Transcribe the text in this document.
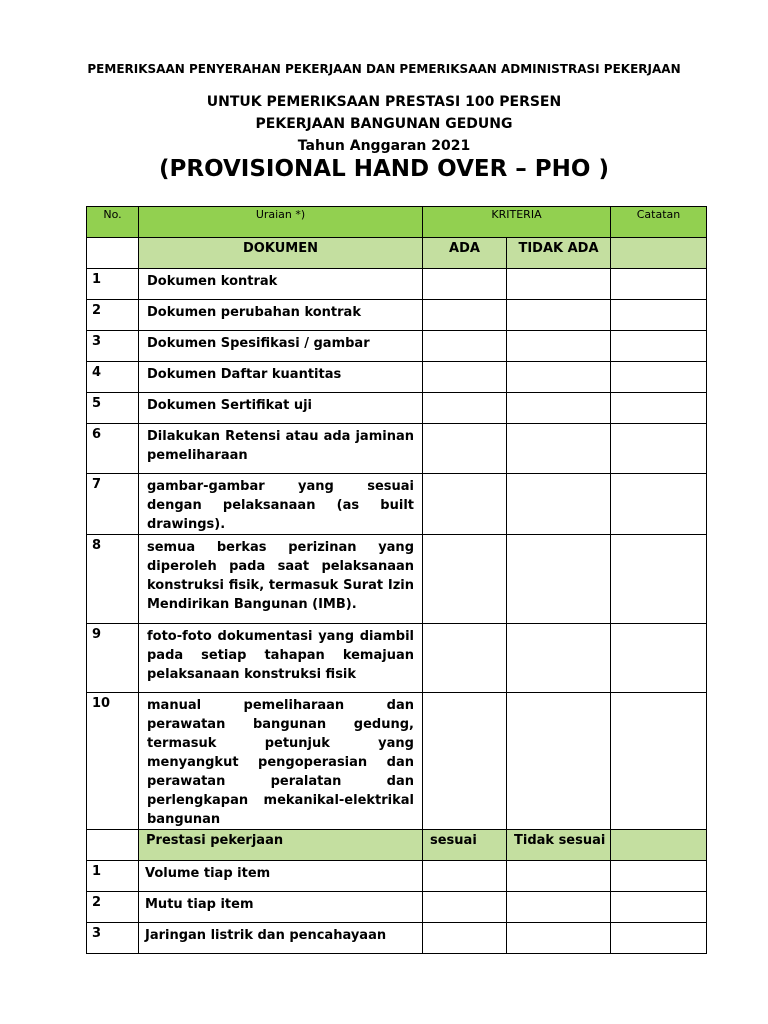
PEMERIKSAAN PENYERAHAN PEKERJAAN DAN PEMERIKSAAN ADMINISTRASI PEKERJAAN
UNTUK PEMERIKSAAN PRESTASI 100 PERSEN
PEKERJAAN BANGUNAN GEDUNG
Tahun Anggaran 2021
(PROVISIONAL HAND OVER – PHO )
No.	Uraian *)	KRITERIA		Catatan
	DOKUMEN	ADA	TIDAK ADA	
1	Dokumen kontrak			
2	Dokumen perubahan kontrak			
3	Dokumen Spesifikasi / gambar			
4	Dokumen Daftar kuantitas			
5	Dokumen Sertifikat uji			
6	Dilakukan Retensi atau ada jaminan pemeliharaan			
7	gambar-gambar yang sesuai dengan pelaksanaan (as built drawings).			
8	semua berkas perizinan yang diperoleh pada saat pelaksanaan konstruksi fisik, termasuk Surat Izin Mendirikan Bangunan (IMB).			
9	foto-foto dokumentasi yang diambil pada setiap tahapan kemajuan pelaksanaan konstruksi fisik			
10	manual pemeliharaan dan perawatan bangunan gedung, termasuk petunjuk yang menyangkut pengoperasian dan perawatan peralatan dan perlengkapan mekanikal-elektrikal bangunan			
	Prestasi pekerjaan	sesuai	Tidak sesuai	
1	Volume tiap item			
2	Mutu tiap item			
3	Jaringan listrik dan pencahayaan			
